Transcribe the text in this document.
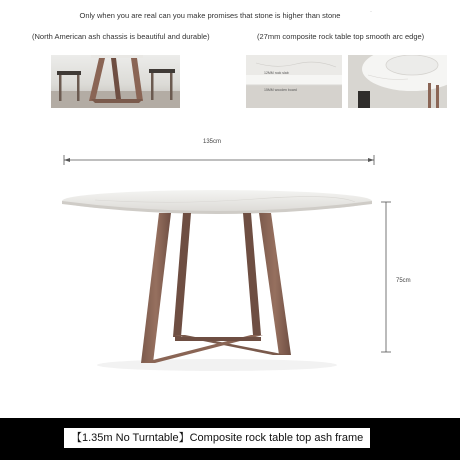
Only when you are real can you make promises that stone is higher than stone	·
(North American ash chassis is beautiful and durable)	(27mm composite rock table top smooth arc edge)
12MM rock slab
15MM wooden board
135cm
75cm
【1.35m No Turntable】Composite rock table top ash frame
